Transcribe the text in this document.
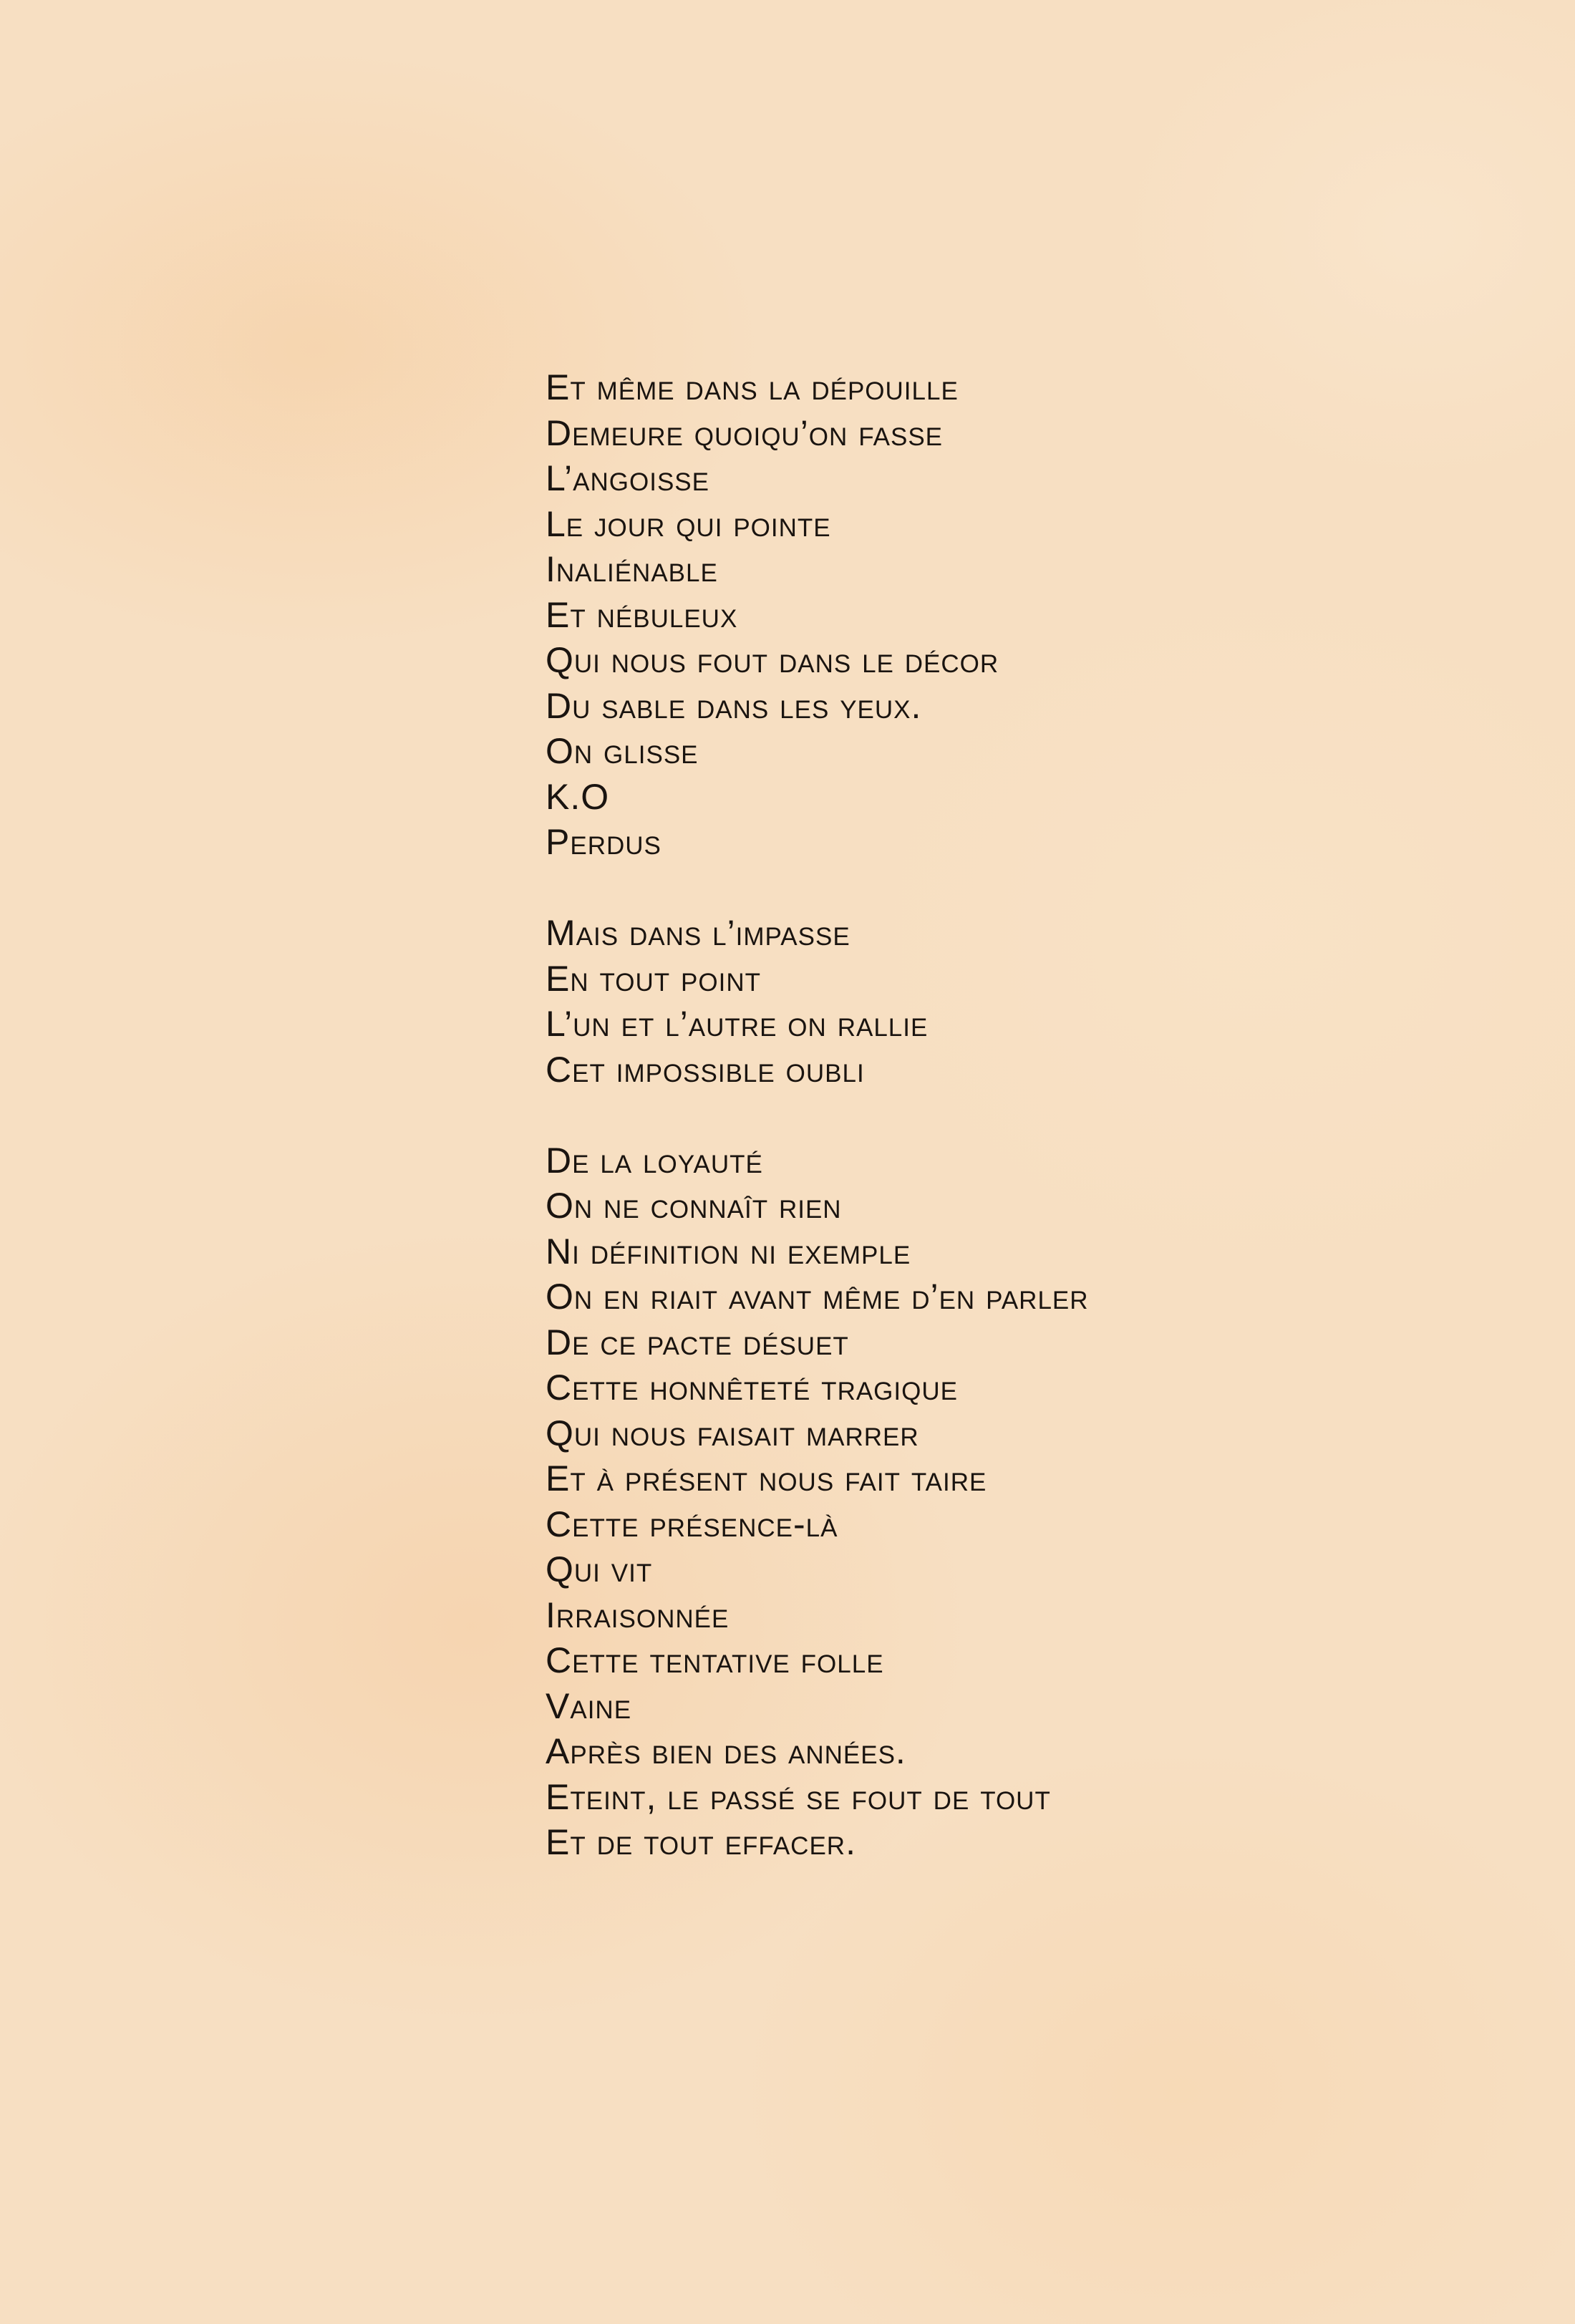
Et même dans la dépouille
Demeure quoiqu’on fasse
L’angoisse
Le jour qui pointe
Inaliénable
Et nébuleux
Qui nous fout dans le décor
Du sable dans les yeux.
On glisse
K.O
Perdus
Mais dans l’impasse
En tout point
L’un et l’autre on rallie
Cet impossible oubli
De la loyauté
On ne connaît rien
Ni définition ni exemple
On en riait avant même d’en parler
De ce pacte désuet
Cette honnêteté tragique
Qui nous faisait marrer
Et à présent nous fait taire
Cette présence-là
Qui vit
Irraisonnée
Cette tentative folle
Vaine
Après bien des années.
Eteint, le passé se fout de tout
Et de tout effacer.
